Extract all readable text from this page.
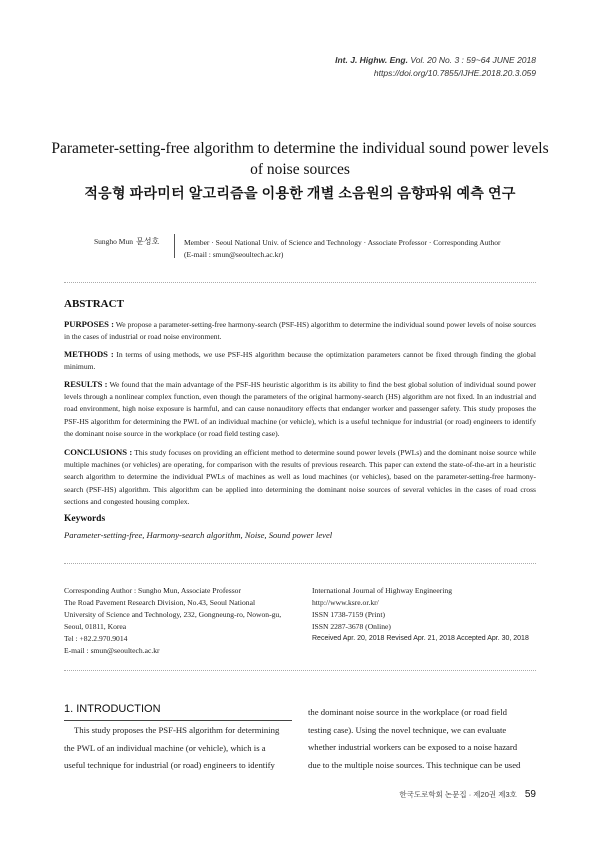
Int. J. Highw. Eng. Vol. 20 No. 3 : 59~64 JUNE 2018
https://doi.org/10.7855/IJHE.2018.20.3.059
Parameter-setting-free algorithm to determine the individual sound power levels
of noise sources
적응형 파라미터 알고리즘을 이용한 개별 소음원의 음향파워 예측 연구
Sungho Mun 문성호	Member · Seoul National Univ. of Science and Technology · Associate Professor · Corresponding Author
(E-mail : smun@seoultech.ac.kr)
ABSTRACT
PURPOSES : We propose a parameter-setting-free harmony-search (PSF-HS) algorithm to determine the individual sound power levels of noise sources in the cases of industrial or road noise environment.
METHODS : In terms of using methods, we use PSF-HS algorithm because the optimization parameters cannot be fixed through finding the global minimum.
RESULTS : We found that the main advantage of the PSF-HS heuristic algorithm is its ability to find the best global solution of individual sound power levels through a nonlinear complex function, even though the parameters of the original harmony-search (HS) algorithm are not fixed. In an industrial and road environment, high noise exposure is harmful, and can cause nonauditory effects that endanger worker and passenger safety. This study proposes the PSF-HS algorithm for determining the PWL of an individual machine (or vehicle), which is a useful technique for industrial (or road) engineers to identify the dominant noise source in the workplace (or road field testing case).
CONCLUSIONS : This study focuses on providing an efficient method to determine sound power levels (PWLs) and the dominant noise source while multiple machines (or vehicles) are operating, for comparison with the results of previous research. This paper can extend the state-of-the-art in a heuristic search algorithm to determine the individual PWLs of machines as well as loud machines (or vehicles), based on the parameter-setting-free harmony-search (PSF-HS) algorithm. This algorithm can be applied into determining the dominant noise sources of several vehicles in the cases of road cross sections and congested housing complex.
Keywords
Parameter-setting-free, Harmony-search algorithm, Noise, Sound power level
Corresponding Author : Sungho Mun, Associate Professor
The Road Pavement Research Division, No.43, Seoul National
University of Science and Technology, 232, Gongneung-ro, Nowon-gu,
Seoul, 01811, Korea
Tel : +82.2.970.9014
E-mail : smun@seoultech.ac.kr
International Journal of Highway Engineering
http://www.ksre.or.kr/
ISSN 1738-7159 (Print)
ISSN 2287-3678 (Online)
Received Apr. 20, 2018 Revised Apr. 21, 2018 Accepted Apr. 30, 2018
1. INTRODUCTION
This study proposes the PSF-HS algorithm for determining
the PWL of an individual machine (or vehicle), which is a
useful technique for industrial (or road) engineers to identify
the dominant noise source in the workplace (or road field
testing case). Using the novel technique, we can evaluate
whether industrial workers can be exposed to a noise hazard
due to the multiple noise sources. This technique can be used
한국도로학회 논문집 · 제20권 제3호 59
